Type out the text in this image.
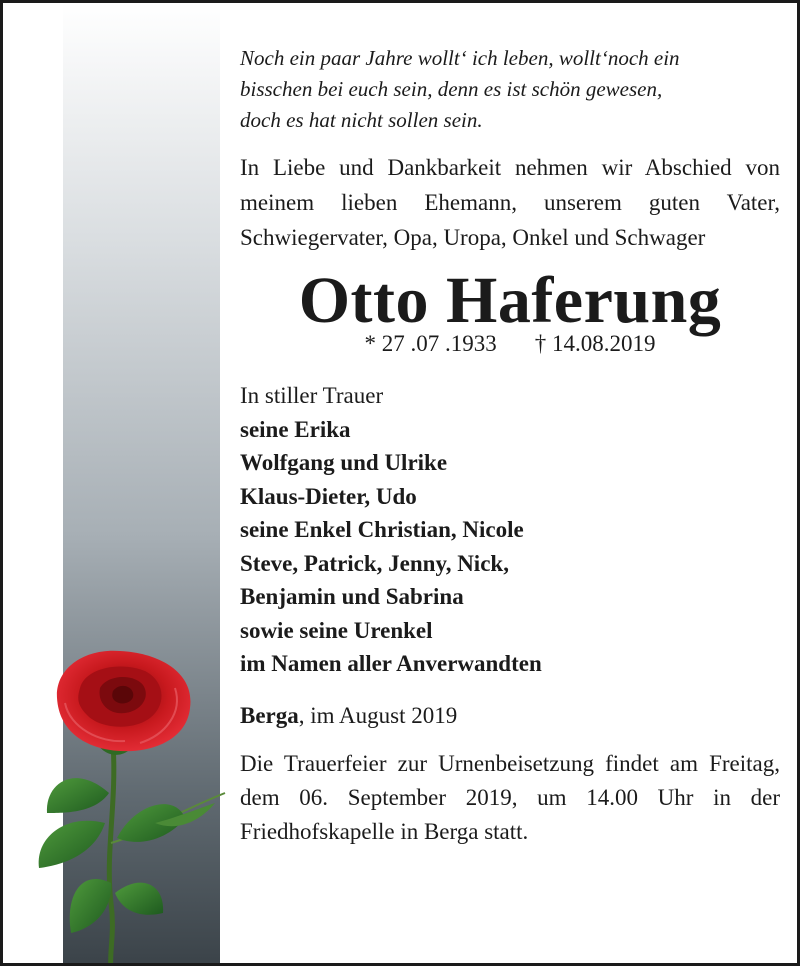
Noch ein paar Jahre wollt‘ ich leben, wollt‘noch ein
bisschen bei euch sein, denn es ist schön gewesen,
doch es hat nicht sollen sein.

In Liebe und Dankbarkeit nehmen wir Abschied von meinem lieben Ehemann, unserem guten Vater, Schwiegervater, Opa, Uropa, Onkel und Schwager

Otto Haferung
* 27 .07 .1933 † 14.08.2019
In stiller Trauer
seine Erika
Wolfgang und Ulrike
Klaus-Dieter, Udo
seine Enkel Christian, Nicole
Steve, Patrick, Jenny, Nick,
Benjamin und Sabrina
sowie seine Urenkel
im Namen aller Anverwandten

Berga, im August 2019

Die Trauerfeier zur Urnenbeisetzung findet am Freitag, dem 06. September 2019, um 14.00 Uhr in der Friedhofskapelle in Berga statt.
